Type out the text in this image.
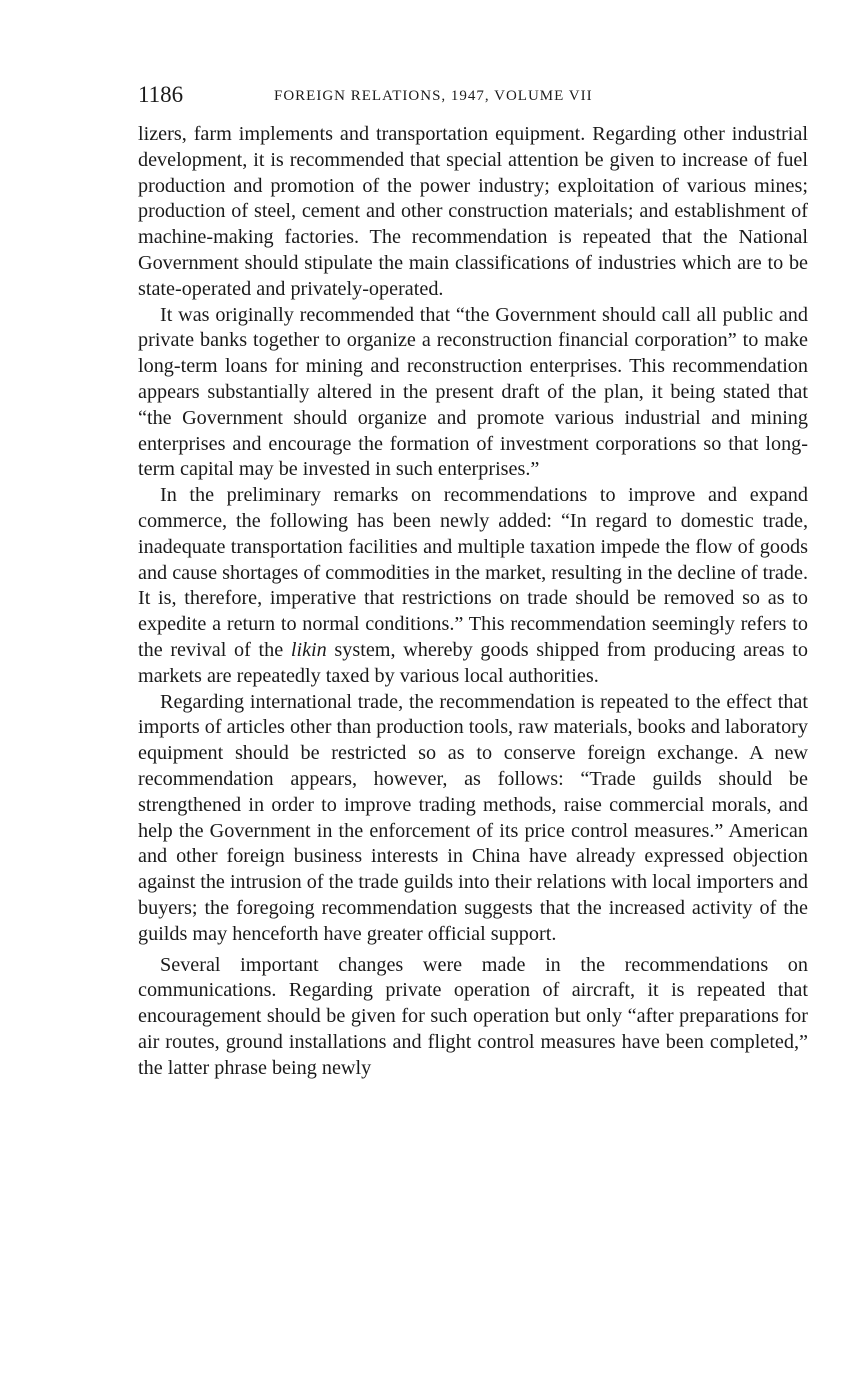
1186	FOREIGN RELATIONS, 1947, VOLUME VII

lizers, farm implements and transportation equipment. Regarding other industrial development, it is recommended that special attention be given to increase of fuel production and promotion of the power industry; exploitation of various mines; production of steel, cement and other construction materials; and establishment of machine-making factories. The recommendation is repeated that the National Government should stipulate the main classifications of industries which are to be state-operated and privately-operated.

It was originally recommended that “the Government should call all public and private banks together to organize a reconstruction financial corporation” to make long-term loans for mining and reconstruction enterprises. This recommendation appears substantially altered in the present draft of the plan, it being stated that “the Government should organize and promote various industrial and mining enterprises and encourage the formation of investment corporations so that long-term capital may be invested in such enterprises.”

In the preliminary remarks on recommendations to improve and expand commerce, the following has been newly added: “In regard to domestic trade, inadequate transportation facilities and multiple taxation impede the flow of goods and cause shortages of commodities in the market, resulting in the decline of trade. It is, therefore, imperative that restrictions on trade should be removed so as to expedite a return to normal conditions.” This recommendation seemingly refers to the revival of the likin system, whereby goods shipped from producing areas to markets are repeatedly taxed by various local authorities.

Regarding international trade, the recommendation is repeated to the effect that imports of articles other than production tools, raw materials, books and laboratory equipment should be restricted so as to conserve foreign exchange. A new recommendation appears, however, as follows: “Trade guilds should be strengthened in order to improve trading methods, raise commercial morals, and help the Government in the enforcement of its price control measures.” American and other foreign business interests in China have already expressed objection against the intrusion of the trade guilds into their relations with local importers and buyers; the foregoing recommendation suggests that the increased activity of the guilds may henceforth have greater official support.

Several important changes were made in the recommendations on communications. Regarding private operation of aircraft, it is repeated that encouragement should be given for such operation but only “after preparations for air routes, ground installations and flight control measures have been completed,” the latter phrase being newly
